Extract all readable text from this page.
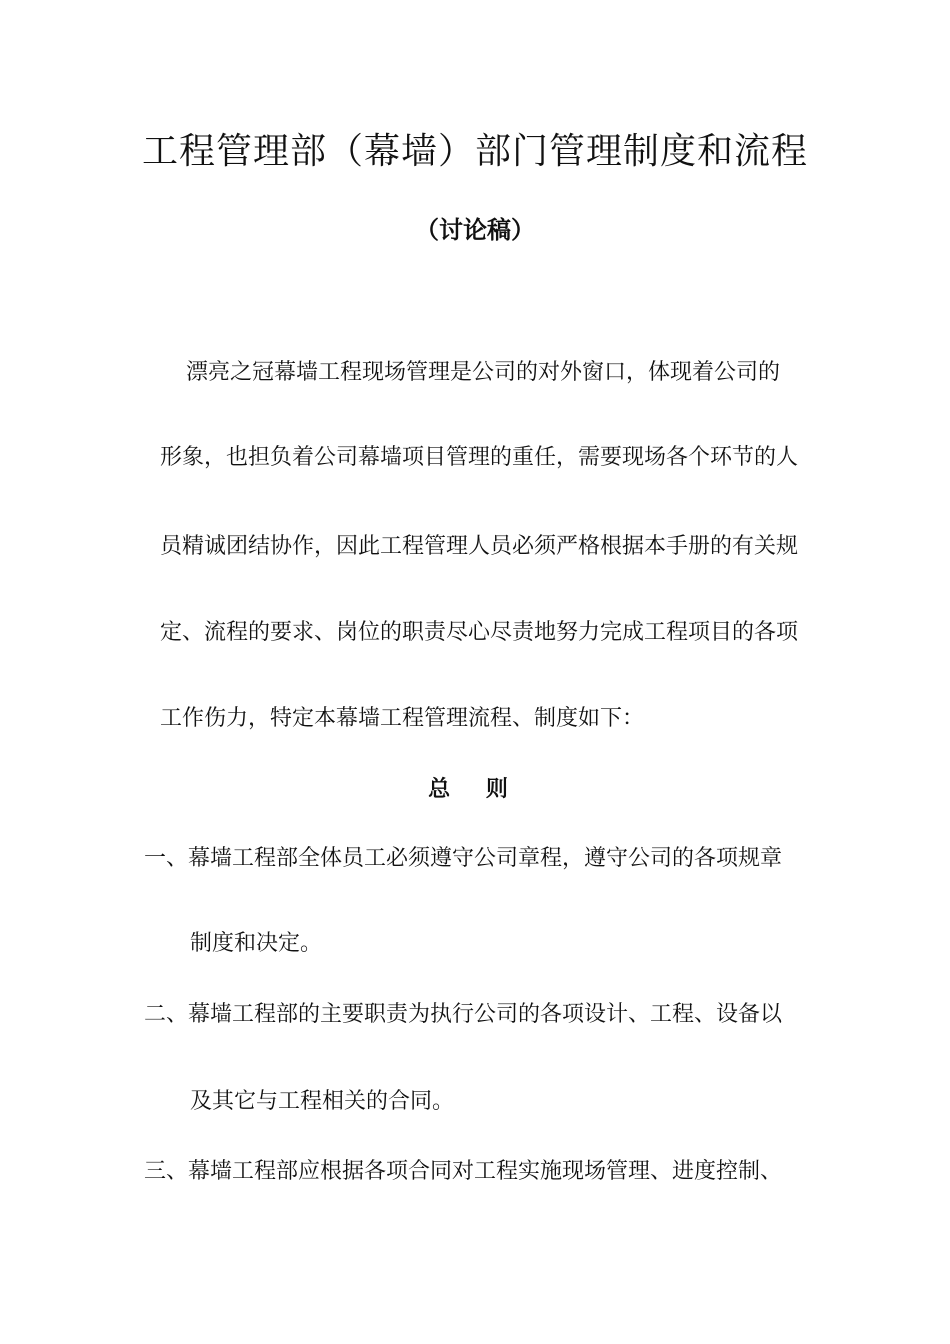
工程管理部（幕墙）部门管理制度和流程
（讨论稿）
漂亮之冠幕墙工程现场管理是公司的对外窗口，体现着公司的
形象，也担负着公司幕墙项目管理的重任，需要现场各个环节的人
员精诚团结协作，因此工程管理人员必须严格根据本手册的有关规
定、流程的要求、岗位的职责尽心尽责地努力完成工程项目的各项
工作伤力，特定本幕墙工程管理流程、制度如下：
总 则
一、幕墙工程部全体员工必须遵守公司章程，遵守公司的各项规章
制度和决定。
二、幕墙工程部的主要职责为执行公司的各项设计、工程、设备以
及其它与工程相关的合同。
三、幕墙工程部应根据各项合同对工程实施现场管理、进度控制、
